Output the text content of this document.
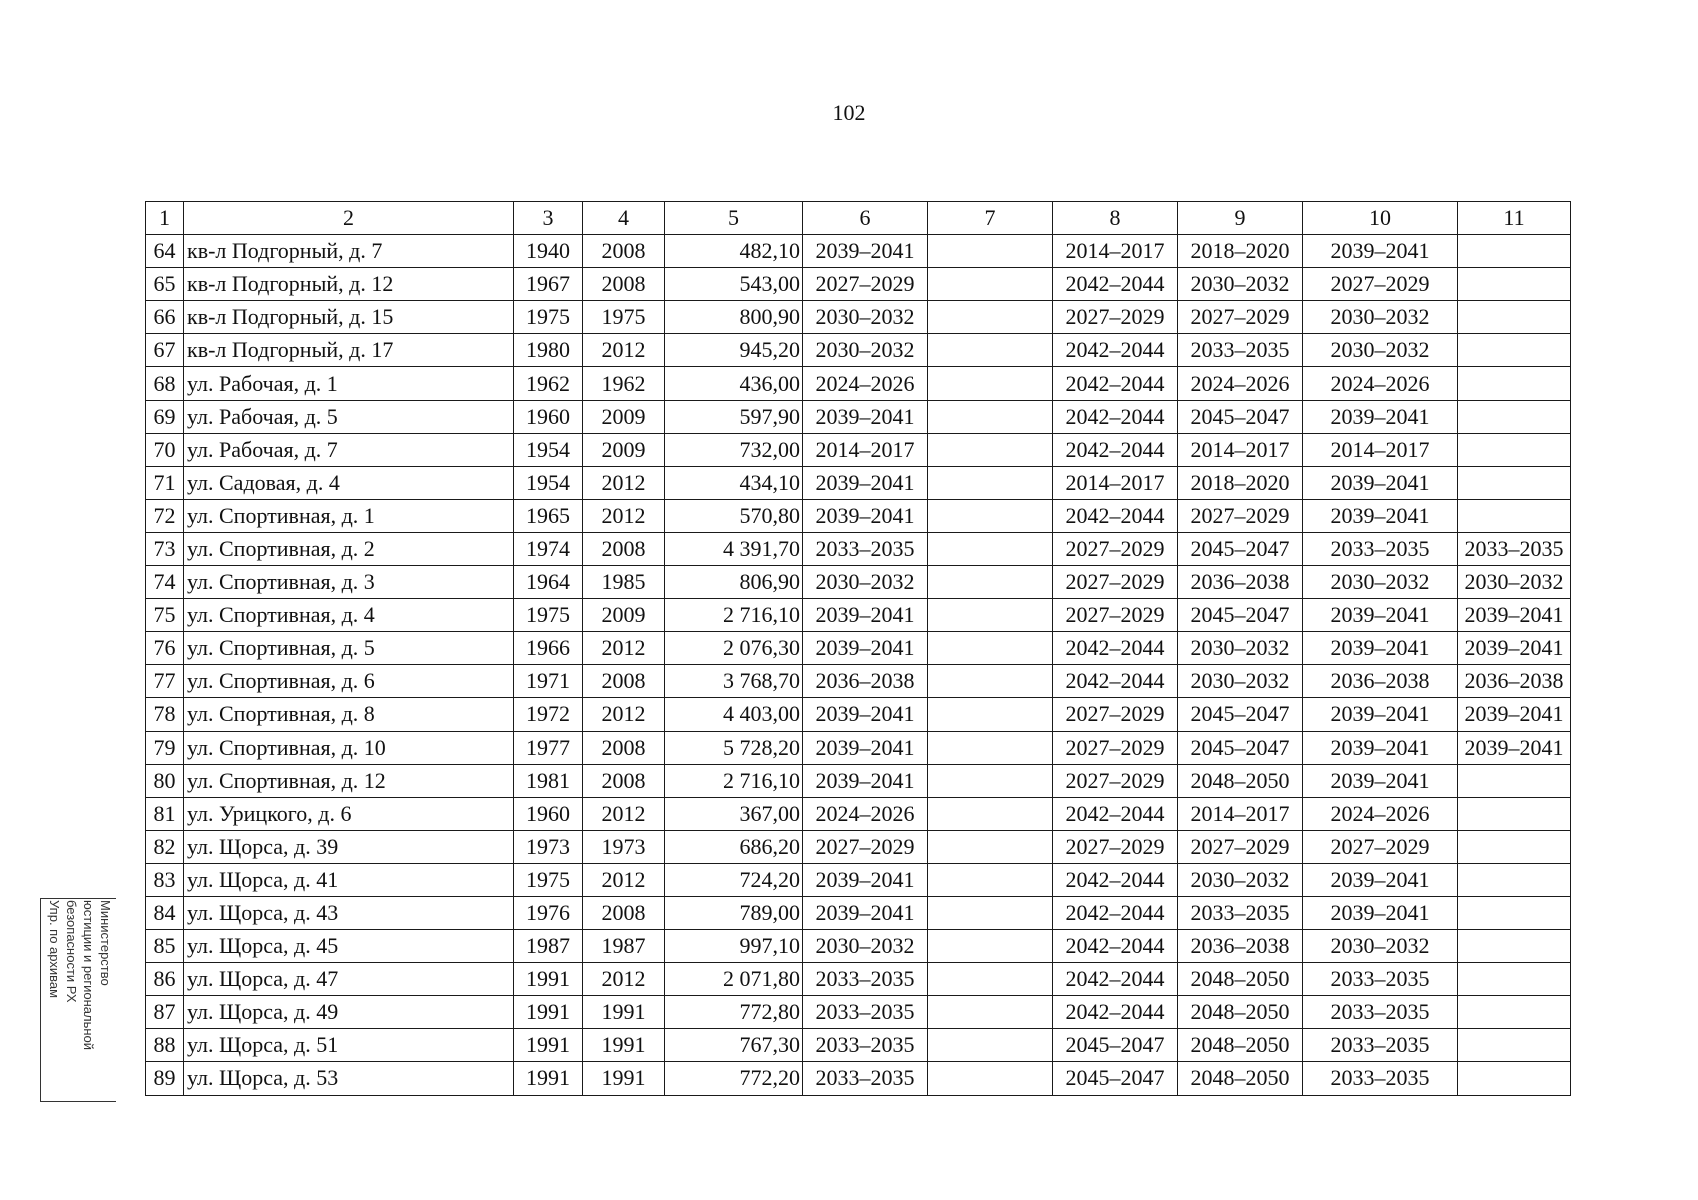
102
1	2	3	4	5	6	7	8	9	10	11
64	кв-л Подгорный, д. 7	1940	2008	482,10	2039–2041		2014–2017	2018–2020	2039–2041	
65	кв-л Подгорный, д. 12	1967	2008	543,00	2027–2029		2042–2044	2030–2032	2027–2029	
66	кв-л Подгорный, д. 15	1975	1975	800,90	2030–2032		2027–2029	2027–2029	2030–2032	
67	кв-л Подгорный, д. 17	1980	2012	945,20	2030–2032		2042–2044	2033–2035	2030–2032	
68	ул. Рабочая, д. 1	1962	1962	436,00	2024–2026		2042–2044	2024–2026	2024–2026	
69	ул. Рабочая, д. 5	1960	2009	597,90	2039–2041		2042–2044	2045–2047	2039–2041	
70	ул. Рабочая, д. 7	1954	2009	732,00	2014–2017		2042–2044	2014–2017	2014–2017	
71	ул. Садовая, д. 4	1954	2012	434,10	2039–2041		2014–2017	2018–2020	2039–2041	
72	ул. Спортивная, д. 1	1965	2012	570,80	2039–2041		2042–2044	2027–2029	2039–2041	
73	ул. Спортивная, д. 2	1974	2008	4 391,70	2033–2035		2027–2029	2045–2047	2033–2035	2033–2035
74	ул. Спортивная, д. 3	1964	1985	806,90	2030–2032		2027–2029	2036–2038	2030–2032	2030–2032
75	ул. Спортивная, д. 4	1975	2009	2 716,10	2039–2041		2027–2029	2045–2047	2039–2041	2039–2041
76	ул. Спортивная, д. 5	1966	2012	2 076,30	2039–2041		2042–2044	2030–2032	2039–2041	2039–2041
77	ул. Спортивная, д. 6	1971	2008	3 768,70	2036–2038		2042–2044	2030–2032	2036–2038	2036–2038
78	ул. Спортивная, д. 8	1972	2012	4 403,00	2039–2041		2027–2029	2045–2047	2039–2041	2039–2041
79	ул. Спортивная, д. 10	1977	2008	5 728,20	2039–2041		2027–2029	2045–2047	2039–2041	2039–2041
80	ул. Спортивная, д. 12	1981	2008	2 716,10	2039–2041		2027–2029	2048–2050	2039–2041	
81	ул. Урицкого, д. 6	1960	2012	367,00	2024–2026		2042–2044	2014–2017	2024–2026	
82	ул. Щорса, д. 39	1973	1973	686,20	2027–2029		2027–2029	2027–2029	2027–2029	
83	ул. Щорса, д. 41	1975	2012	724,20	2039–2041		2042–2044	2030–2032	2039–2041	
84	ул. Щорса, д. 43	1976	2008	789,00	2039–2041		2042–2044	2033–2035	2039–2041	
85	ул. Щорса, д. 45	1987	1987	997,10	2030–2032		2042–2044	2036–2038	2030–2032	
86	ул. Щорса, д. 47	1991	2012	2 071,80	2033–2035		2042–2044	2048–2050	2033–2035	
87	ул. Щорса, д. 49	1991	1991	772,80	2033–2035		2042–2044	2048–2050	2033–2035	
88	ул. Щорса, д. 51	1991	1991	767,30	2033–2035		2045–2047	2048–2050	2033–2035	
89	ул. Щорса, д. 53	1991	1991	772,20	2033–2035		2045–2047	2048–2050	2033–2035	
Министерство
юстиции и региональной
безопасности РХ
Упр. по архивам
